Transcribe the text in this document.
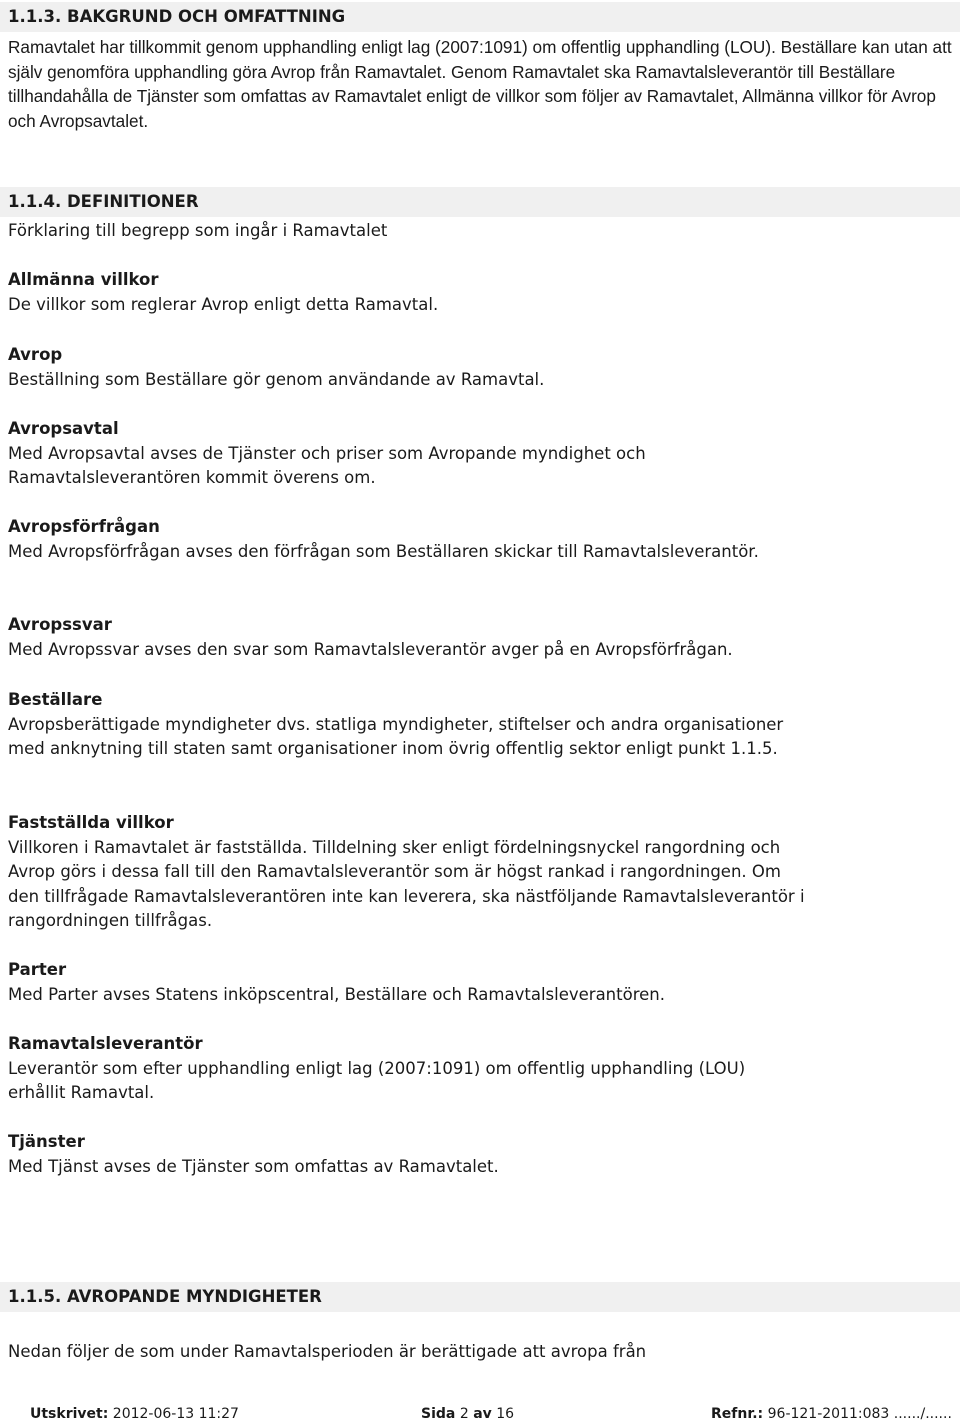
1.1.3. BAKGRUND OCH OMFATTNING
Ramavtalet har tillkommit genom upphandling enligt lag (2007:1091) om offentlig upphandling (LOU). Beställare kan utan att själv genomföra upphandling göra Avrop från Ramavtalet. Genom Ramavtalet ska Ramavtalsleverantör till Beställare tillhandahålla de Tjänster som omfattas av Ramavtalet enligt de villkor som följer av Ramavtalet, Allmänna villkor för Avrop och Avropsavtalet.
1.1.4. DEFINITIONER
Förklaring till begrepp som ingår i Ramavtalet
Allmänna villkor
De villkor som reglerar Avrop enligt detta Ramavtal.
Avrop
Beställning som Beställare gör genom användande av Ramavtal.
Avropsavtal
Med Avropsavtal avses de Tjänster och priser som Avropande myndighet och Ramavtalsleverantören kommit överens om.
Avropsförfrågan
Med Avropsförfrågan avses den förfrågan som Beställaren skickar till Ramavtalsleverantör.
Avropssvar
Med Avropssvar avses den svar som Ramavtalsleverantör avger på en Avropsförfrågan.
Beställare
Avropsberättigade myndigheter dvs. statliga myndigheter, stiftelser och andra organisationer med anknytning till staten samt organisationer inom övrig offentlig sektor enligt punkt 1.1.5.
Fastställda villkor
Villkoren i Ramavtalet är fastställda. Tilldelning sker enligt fördelningsnyckel rangordning och Avrop görs i dessa fall till den Ramavtalsleverantör som är högst rankad i rangordningen. Om den tillfrågade Ramavtalsleverantören inte kan leverera, ska nästföljande Ramavtalsleverantör i rangordningen tillfrågas.
Parter
Med Parter avses Statens inköpscentral, Beställare och Ramavtalsleverantören.
Ramavtalsleverantör
Leverantör som efter upphandling enligt lag (2007:1091) om offentlig upphandling (LOU) erhållit Ramavtal.
Tjänster
Med Tjänst avses de Tjänster som omfattas av Ramavtalet.
1.1.5. AVROPANDE MYNDIGHETER
Nedan följer de som under Ramavtalsperioden är berättigade att avropa från
Utskrivet: 2012-06-13 11:27	Sida 2 av 16	Refnr.: 96-121-2011:083 ....../......
